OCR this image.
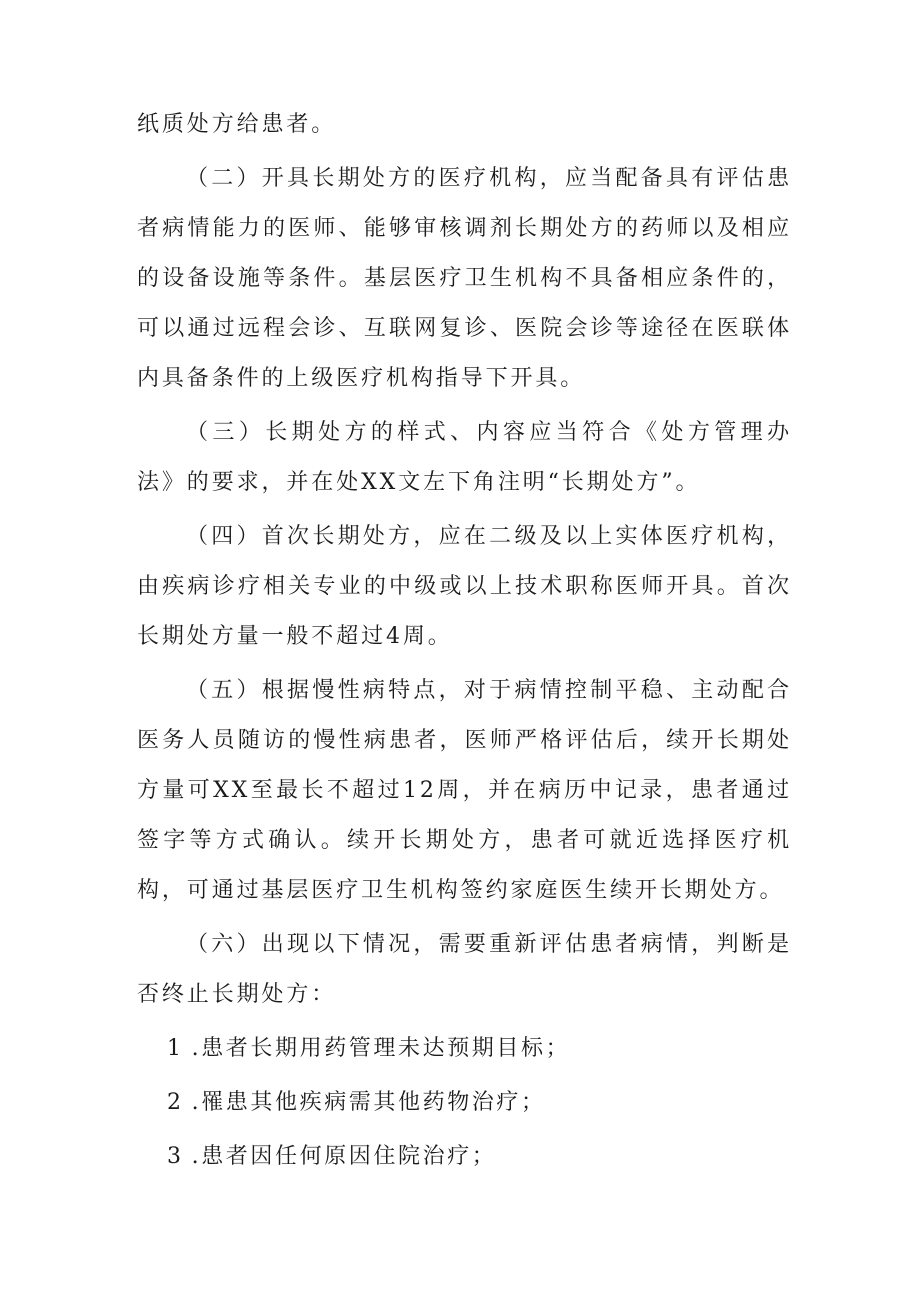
纸质处方给患者。

（二）开具长期处方的医疗机构，应当配备具有评估患者病情能力的医师、能够审核调剂长期处方的药师以及相应的设备设施等条件。基层医疗卫生机构不具备相应条件的，可以通过远程会诊、互联网复诊、医院会诊等途径在医联体内具备条件的上级医疗机构指导下开具。

（三）长期处方的样式、内容应当符合《处方管理办法》的要求，并在处XX文左下角注明“长期处方”。

（四）首次长期处方，应在二级及以上实体医疗机构，由疾病诊疗相关专业的中级或以上技术职称医师开具。首次长期处方量一般不超过4周。

（五）根据慢性病特点，对于病情控制平稳、主动配合医务人员随访的慢性病患者，医师严格评估后，续开长期处方量可XX至最长不超过12周，并在病历中记录，患者通过签字等方式确认。续开长期处方，患者可就近选择医疗机构，可通过基层医疗卫生机构签约家庭医生续开长期处方。

（六）出现以下情况，需要重新评估患者病情，判断是否终止长期处方：

1 .患者长期用药管理未达预期目标；

2 .罹患其他疾病需其他药物治疗；

3 .患者因任何原因住院治疗；
